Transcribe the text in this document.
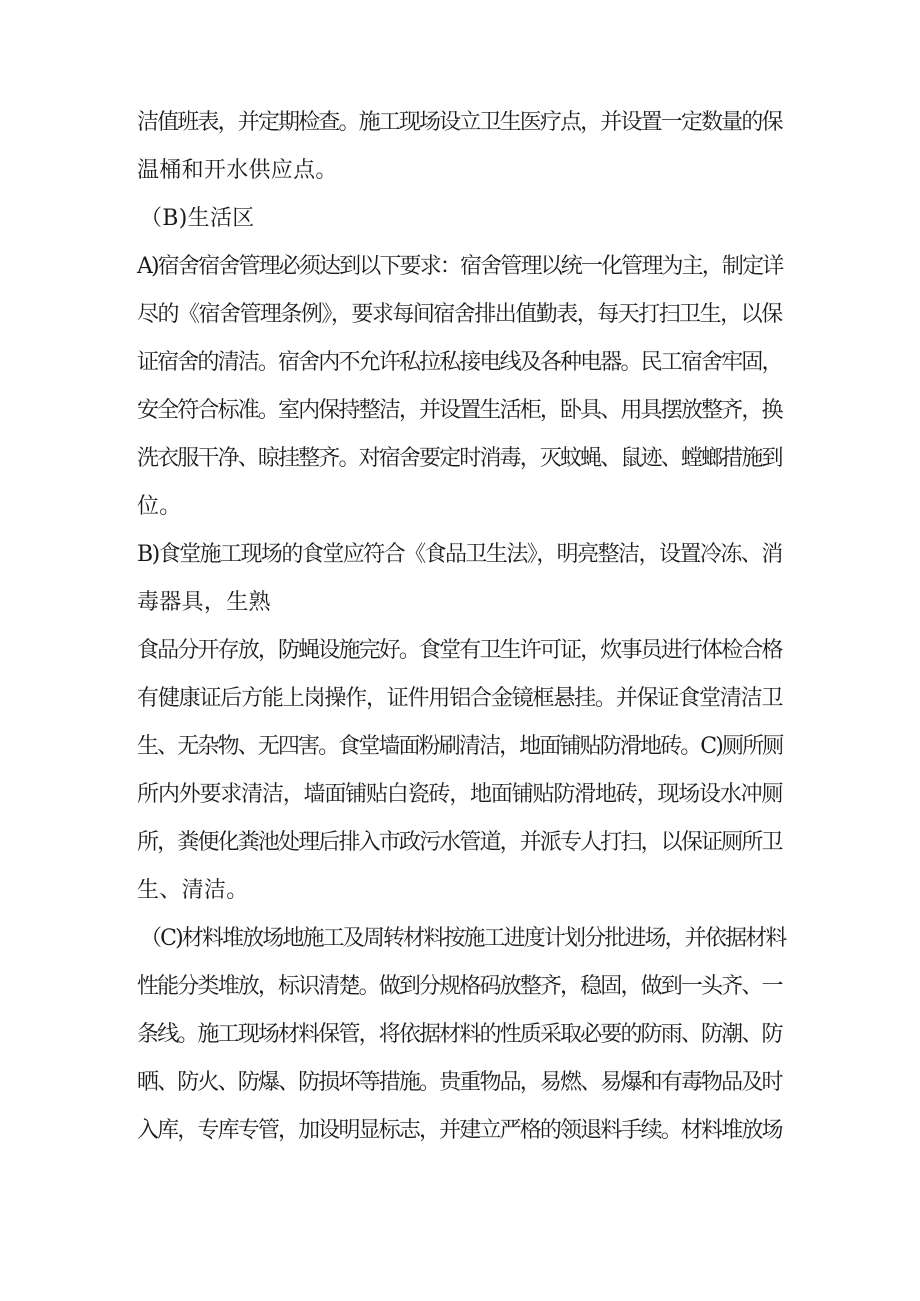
洁值班表，并定期检查。施工现场设立卫生医疗点，并设置一定数量的保
温桶和开水供应点。
（B)生活区
A)宿舍宿舍管理必须达到以下要求：宿舍管理以统一化管理为主，制定详
尽的《宿舍管理条例》，要求每间宿舍排出值勤表，每天打扫卫生，以保
证宿舍的清洁。宿舍内不允许私拉私接电线及各种电器。民工宿舍牢固，
安全符合标准。室内保持整洁，并设置生活柜，卧具、用具摆放整齐，换
洗衣服干净、晾挂整齐。对宿舍要定时消毒，灭蚊蝇、鼠迹、螳螂措施到
位。
B)食堂施工现场的食堂应符合《食品卫生法》，明亮整洁，设置冷冻、消
毒器具，生熟
食品分开存放，防蝇设施完好。食堂有卫生许可证，炊事员进行体检合格
有健康证后方能上岗操作，证件用铝合金镜框悬挂。并保证食堂清洁卫
生、无杂物、无四害。食堂墙面粉刷清洁，地面铺贴防滑地砖。C)厕所厕
所内外要求清洁，墙面铺贴白瓷砖，地面铺贴防滑地砖，现场设水冲厕
所，粪便化粪池处理后排入市政污水管道，并派专人打扫，以保证厕所卫
生、清洁。
（C)材料堆放场地施工及周转材料按施工进度计划分批进场，并依据材料
性能分类堆放，标识清楚。做到分规格码放整齐，稳固，做到一头齐、一
条线。施工现场材料保管，将依据材料的性质采取必要的防雨、防潮、防
晒、防火、防爆、防损坏等措施。贵重物品，易燃、易爆和有毒物品及时
入库，专库专管，加设明显标志，并建立严格的领退料手续。材料堆放场
